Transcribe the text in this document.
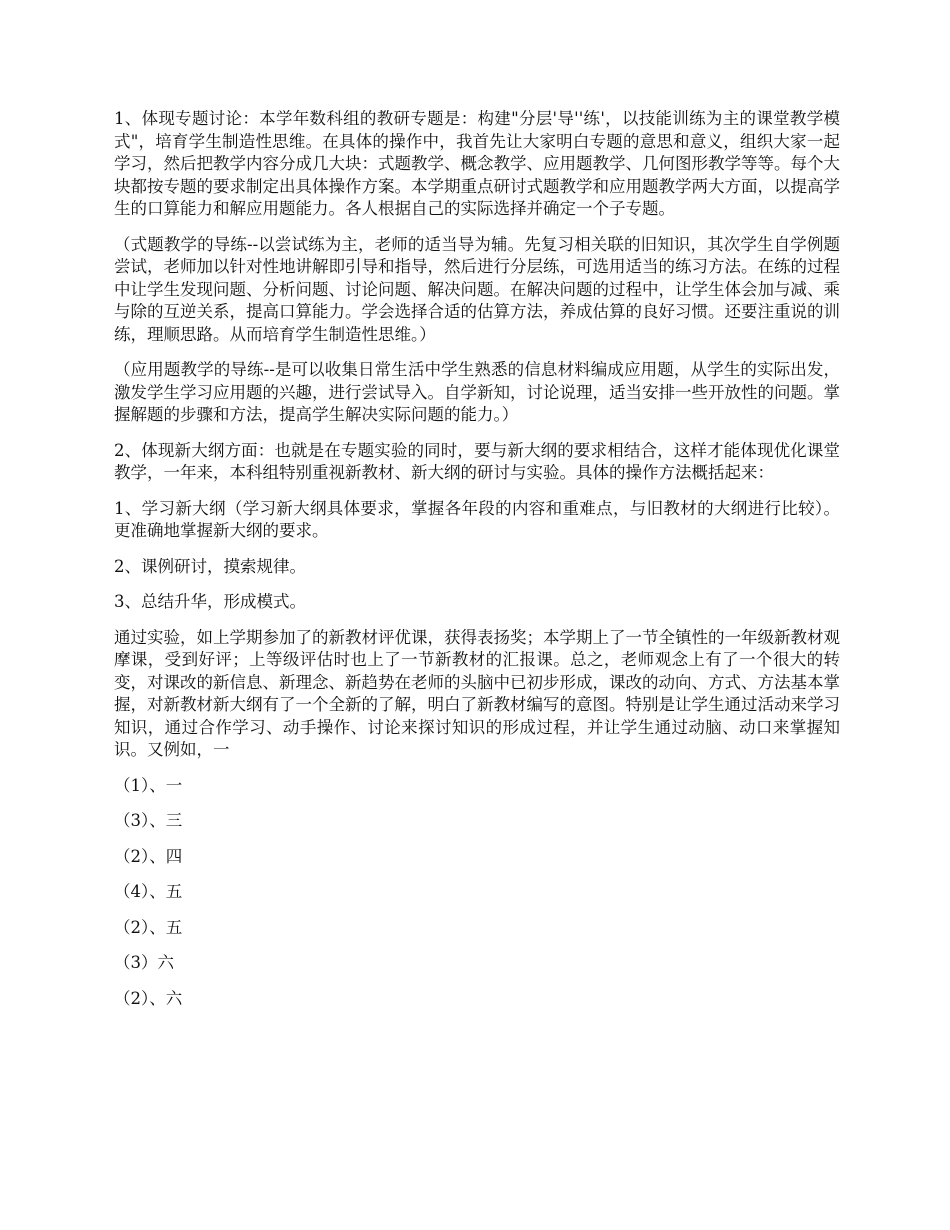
1、体现专题讨论：本学年数科组的教研专题是：构建"分层'导''练'，以技能训练为主的课堂教学模式"，培育学生制造性思维。在具体的操作中，我首先让大家明白专题的意思和意义，组织大家一起学习，然后把教学内容分成几大块：式题教学、概念教学、应用题教学、几何图形教学等等。每个大块都按专题的要求制定出具体操作方案。本学期重点研讨式题教学和应用题教学两大方面，以提高学生的口算能力和解应用题能力。各人根据自己的实际选择并确定一个子专题。

（式题教学的导练--以尝试练为主，老师的适当导为辅。先复习相关联的旧知识，其次学生自学例题尝试，老师加以针对性地讲解即引导和指导，然后进行分层练，可选用适当的练习方法。在练的过程中让学生发现问题、分析问题、讨论问题、解决问题。在解决问题的过程中，让学生体会加与减、乘与除的互逆关系，提高口算能力。学会选择合适的估算方法，养成估算的良好习惯。还要注重说的训练，理顺思路。从而培育学生制造性思维。）

（应用题教学的导练--是可以收集日常生活中学生熟悉的信息材料编成应用题，从学生的实际出发，激发学生学习应用题的兴趣，进行尝试导入。自学新知，讨论说理，适当安排一些开放性的问题。掌握解题的步骤和方法，提高学生解决实际问题的能力。）

2、体现新大纲方面：也就是在专题实验的同时，要与新大纲的要求相结合，这样才能体现优化课堂教学，一年来，本科组特别重视新教材、新大纲的研讨与实验。具体的操作方法概括起来：

1、学习新大纲（学习新大纲具体要求，掌握各年段的内容和重难点，与旧教材的大纲进行比较）。更准确地掌握新大纲的要求。

2、课例研讨，摸索规律。

3、总结升华，形成模式。

通过实验，如上学期参加了的新教材评优课，获得表扬奖；本学期上了一节全镇性的一年级新教材观摩课，受到好评；上等级评估时也上了一节新教材的汇报课。总之，老师观念上有了一个很大的转变，对课改的新信息、新理念、新趋势在老师的头脑中已初步形成，课改的动向、方式、方法基本掌握，对新教材新大纲有了一个全新的了解，明白了新教材编写的意图。特别是让学生通过活动来学习知识，通过合作学习、动手操作、讨论来探讨知识的形成过程，并让学生通过动脑、动口来掌握知识。又例如，一

（1）、一

（3）、三

（2）、四

（4）、五

（2）、五

（3）六

（2）、六
